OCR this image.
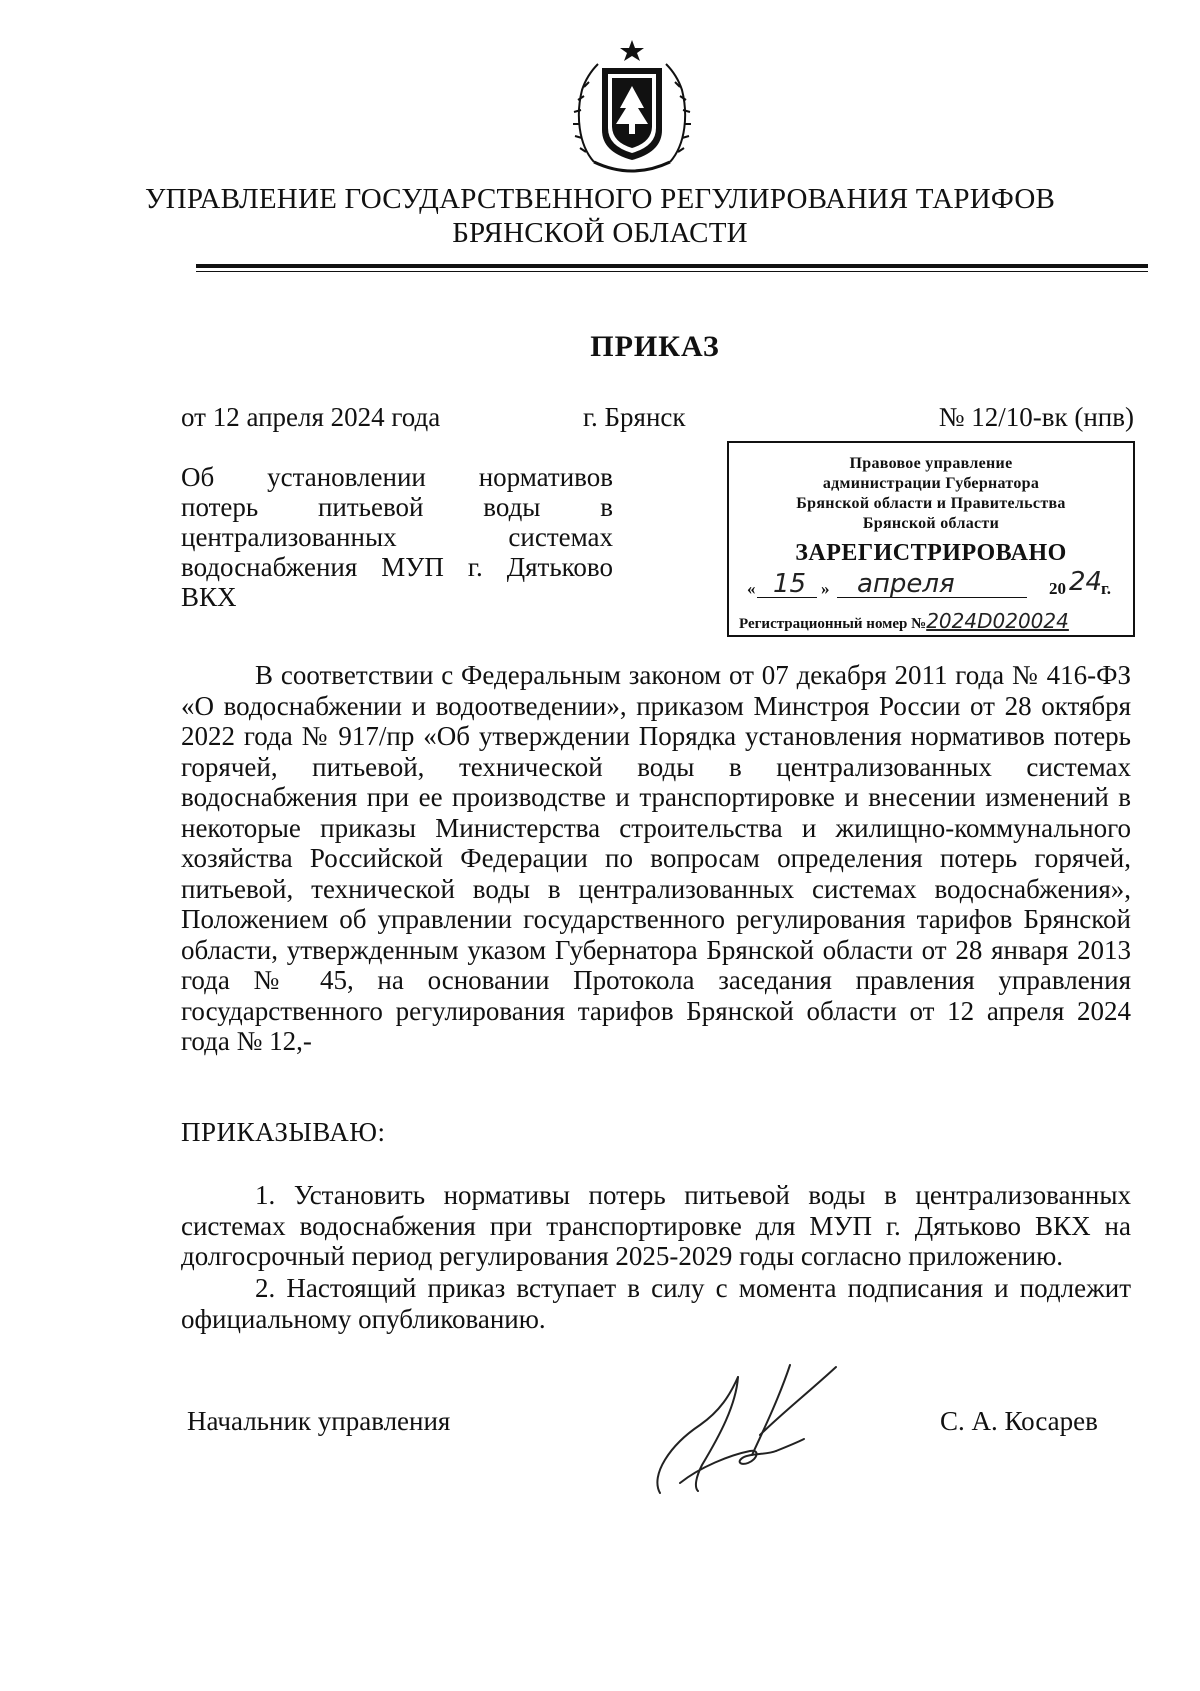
УПРАВЛЕНИЕ ГОСУДАРСТВЕННОГО РЕГУЛИРОВАНИЯ ТАРИФОВ
БРЯНСКОЙ ОБЛАСТИ
ПРИКАЗ
от 12 апреля 2024 года	г. Брянск	№ 12/10-вк (нпв)
Об установлении нормативов
потерь питьевой воды в
централизованных системах
водоснабжения МУП г. Дятьково
ВКХ
Правовое управление
администрации Губернатора
Брянской области и Правительства
Брянской области
ЗАРЕГИСТРИРОВАНО
« 15 » апреля	20 24
г.
Регистрационный номер №2024D020024
В соответствии с Федеральным законом от 07 декабря 2011 года № 416-ФЗ «О водоснабжении и водоотведении», приказом Минстроя России от 28 октября 2022 года № 917/пр «Об утверждении Порядка установления нормативов потерь горячей, питьевой, технической воды в централизованных системах водоснабжения при ее производстве и транспортировке и внесении изменений в некоторые приказы Министерства строительства и жилищно-коммунального хозяйства Российской Федерации по вопросам определения потерь горячей, питьевой, технической воды в централизованных системах водоснабжения», Положением об управлении государственного регулирования тарифов Брянской области, утвержденным указом Губернатора Брянской области от 28 января 2013 года № 45, на основании Протокола заседания правления управления государственного регулирования тарифов Брянской области от 12 апреля 2024 года № 12,-
ПРИКАЗЫВАЮ:
1. Установить нормативы потерь питьевой воды в централизованных системах водоснабжения при транспортировке для МУП г. Дятьково ВКХ на долгосрочный период регулирования 2025-2029 годы согласно приложению.
2. Настоящий приказ вступает в силу с момента подписания и подлежит официальному опубликованию.
Начальник управления	С. А. Косарев
